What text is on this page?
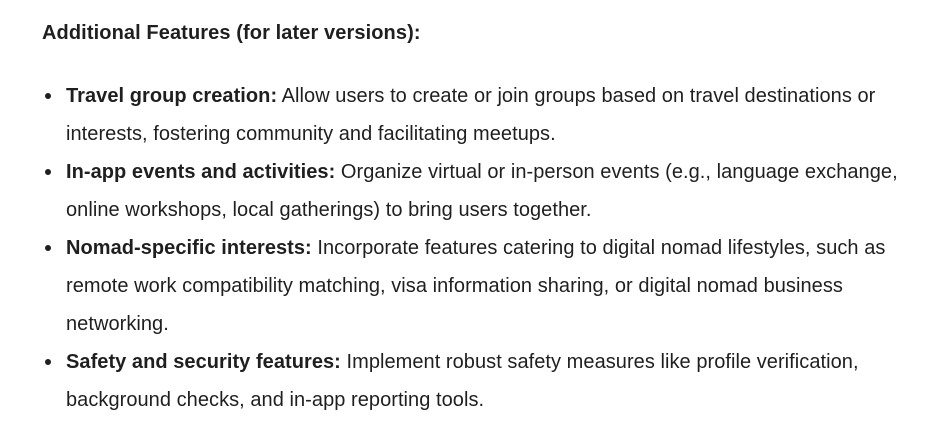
Additional Features (for later versions):
Travel group creation: Allow users to create or join groups based on travel destinations or interests, fostering community and facilitating meetups.
In-app events and activities: Organize virtual or in-person events (e.g., language exchange, online workshops, local gatherings) to bring users together.
Nomad-specific interests: Incorporate features catering to digital nomad lifestyles, such as remote work compatibility matching, visa information sharing, or digital nomad business networking.
Safety and security features: Implement robust safety measures like profile verification, background checks, and in-app reporting tools.
